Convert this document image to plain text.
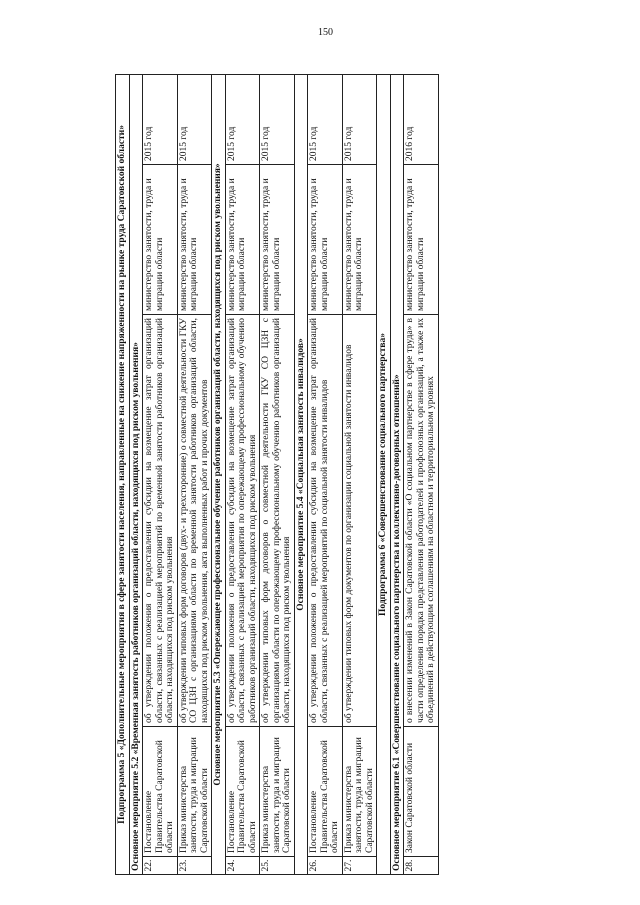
150
Подпрограмма 5 «Дополнительные мероприятия в сфере занятости населения, направленные на снижение напряженности на рынке труда Саратовской области»				
Основное мероприятие 5.2 «Временная занятость работников организаций области, находящихся под риском увольнения»				
22.	Постановление Правительства Саратовской области	об утверждении положения о предоставлении субсидии на возмещение затрат организаций области, связанных с реализацией мероприятий по временной занятости работников организаций области, находящихся под риском увольнения	министерство занятости, труда и миграции области	2015 год
23.	Приказ министерства занятости, труда и миграции Саратовской области	об утверждении типовых форм договоров (двух- и трехсторонние) о совместной деятельности ГКУ СО ЦЗН с организациями области по временной занятости работников организаций области, находящихся под риском увольнения, акта выполненных работ и прочих документов	министерство занятости, труда и миграции области	2015 год
Основное мероприятие 5.3 «Опережающее профессиональное обучение работников организаций области, находящихся под риском увольнения»				
24.	Постановление Правительства Саратовской области	об утверждении положения о предоставлении субсидии на возмещение затрат организаций области, связанных с реализацией мероприятия по опережающему профессиональному обучению работников организаций области, находящихся под риском увольнения	министерство занятости, труда и миграции области	2015 год
25.	Приказ министерства занятости, труда и миграции Саратовской области	об утверждении типовых форм договоров о совместной деятельности ГКУ СО ЦЗН с организациями области по опережающему профессиональному обучению работников организаций области, находящихся под риском увольнения	министерство занятости, труда и миграции области	2015 год
Основное мероприятие 5.4 «Социальная занятость инвалидов»				
26.	Постановление Правительства Саратовской области	об утверждении положения о предоставлении субсидии на возмещение затрат организаций области, связанных с реализацией мероприятий по социальной занятости инвалидов	министерство занятости, труда и миграции области	2015 год
27.	Приказ министерства занятости, труда и миграции Саратовской области	об утверждении типовых форм документов по организации социальной занятости инвалидов	министерство занятости, труда и миграции области	2015 год
Подпрограмма 6 «Совершенствование социального партнерства»				
Основное мероприятие 6.1 «Совершенствование социального партнерства и коллективно-договорных отношений»				
28.	Закон Саратовской области	о внесении изменений в Закон Саратовской области «О социальном партнерстве в сфере труда» в части определения порядка представления работодателей и профсоюзных организаций, а также их объединений в действующим соглашениям на областном и территориальном уровнях	министерство занятости, труда и миграции области	2016 год
